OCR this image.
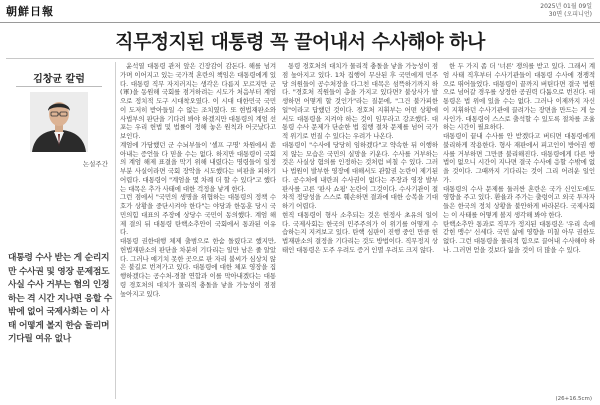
朝鮮日報	2025년 01월 09일
30면 (오피니언)
직무정지된 대통령 꼭 끌어내서 수사해야 하나
김창균 칼럼
논설주간
대통령 수사 받는 게 순리지만 수사권 및 영장 문제점도 사실 수사 거부는 혐의 인정하는 격 시간 지나면 응할 수밖에 없어 국제사회는 이 사태 어떻게 볼지 한숨 돌리며 기다릴 여유 없나
윤석열 대통령 관저 앞은 긴장감이 감돈다. 해를 넘겨가며 이어지고 있는 국가적 혼란의 책임은 대통령에게 있다. 대통령 직무 자지러지는 생각은 다름지 모르지만 군(軍)을 동원해 국회를 점거하려는 시도가 처음부터 계엄으로 정치적 도구 시대착오였다. 이 시대 대한민국 국민이 도저히 받아들일 수 없는 조치였다. 또 현법재판소와 사법부의 판단을 기다려 봐야 하겠지만 대통령의 계엄 선포는 우리 헌법 및 법률이 정해 놓은 원칙과 어긋났다고 보인다.
계엄에 가담했던 군 수뇌부들이 '셀프 구명' 차원에서 쏟아내는 증언들 다 믿을 수는 없다. 하지만 대통령이 국회의 계엄 해제 표결을 막기 위해 내렸다는 명령들이 일정 부분 사실이라면 국회 장악을 시도했다는 비판을 피하기 어렵다. 대통령이 "계엄을 몇 차례 더 할 수 있다"고 했다는 대목은 추가 사태에 대한 걱정을 낳게 한다.
그런 점에서 "국민의 생명을 위협하는 대통령의 정책 수호가 상황을 중단시켜야 한다"는 야당과 한동훈 당시 국민의힘 대표의 주장에 상당수 국민이 동의했다. 계엄 해제 결의 뒤 대통령 탄핵소추안이 국회에서 통과된 이유다.
대통령 권한대행 체제 출범으로 한숨 돌렸다고 했지만, 헌법재판소의 판단을 차분히 기다리는 일만 남은 줄 알았다. 그러나 얘기치 못한 곳으로 판 자리 불씨가 심상치 않은 불길로 번져가고 있다. 대통령에 대한 체포 영장을 집행하겠다는 공수처-경찰 연합과 이를 막아내겠다는 대통령 경호처의 대치가 물리적 충돌을 낳을 가능성이 점점 높아지고 있다.
통령 경호처의 대치가 물리적 충돌을 낳을 가능성이 점점 높아지고 있다. 1차 집행이 무산된 후 국민에게 민주당 의원들이 공수처장을 다그친 대목은 섬뜩하기까지 하다. "경호처 직원들이 총을 가지고 있다면? 불상사가 발생하면 어떻게 할 것인가"라는 질문에, "그건 불가피한 일"이라고 답했던 것이다. 경호처 지휘부는 어떤 상황에서도 대통령을 지켜야 하는 것이 임무라고 강조했다. 대통령 수사 문제가 단순한 법 집행 절차 문제를 넘어 국가적 위기로 번질 수 있다는 우려가 나온다.
대통령이 "수사에 당당히 임하겠다"고 약속한 뒤 이행하지 않는 모습은 국민의 실망을 키운다. 수사를 거부하는 것은 사실상 혐의를 인정하는 것처럼 비칠 수 있다. 그러나 법원이 발부한 영장에 대해서도 관할권 논란이 제기된다. 공수처에 내란죄 수사권이 없다는 주장과 영장 발부 판사를 고른 '판사 쇼핑' 논란이 그것이다. 수사기관이 절차적 정당성을 스스로 훼손하면 결과에 대한 승복을 기대하기 어렵다.
현직 대통령이 형사 소추되는 것은 헌정사 초유의 일이다. 국제사회는 한국의 민주주의가 이 위기를 어떻게 수습하는지 지켜보고 있다. 탄핵 심판이 진행 중인 만큼 헌법재판소의 결정을 기다리는 것도 방법이다. 직무정지 상태인 대통령은 도주 우려도 증거 인멸 우려도 크지 않다.
한 두 가지 좀 더 '너른' 쟁의를 받고 있다. 그래서 계엄 사태 직후부터 수사기관들이 대통령 수사에 경쟁적으로 뛰어들었다. 대통령이 끝까지 버틴다면 결국 법원으로 넘어갈 경우를 상정한 공권력 다툼으로 번진다. 대통령은 법 위에 있을 수는 없다. 그러나 이제까지 자신이 지휘하던 수사기관에 끌려가는 장면을 만드는 게 능사인가. 대통령이 스스로 출석할 수 있도록 절차를 조율하는 시간이 필요하다.
대통령이 끝내 수사를 안 받겠다고 버티면 대통령에게 불리하게 작용한다. 형사 재판에서 피고인이 방어권 행사를 거부하면 그만큼 불리해진다. 대통령에게 다른 방법이 없으니 시간이 지나면 결국 수사에 응할 수밖에 없을 것이다. 그때까지 기다리는 것이 그리 어려운 일인가.
대통령의 수사 문제를 둘러싼 혼란은 국가 신인도에도 영향을 주고 있다. 환율과 주가는 출렁이고 외국 투자자들은 한국의 정치 상황을 불안하게 바라본다. 국제사회는 이 사태를 어떻게 볼지 생각해 봐야 한다.
탄핵소추안 통과로 직무가 정지된 대통령은 '우리 속에 갇힌 맹수' 신세다. 국민 삶에 영향을 미칠 아무 권한도 없다. 그런 대통령을 물리적 힘으로 끌어내 수사해야 하나. 그러면 얻을 것보다 잃을 것이 더 많을 수 있다.
(26+16.5cm)
